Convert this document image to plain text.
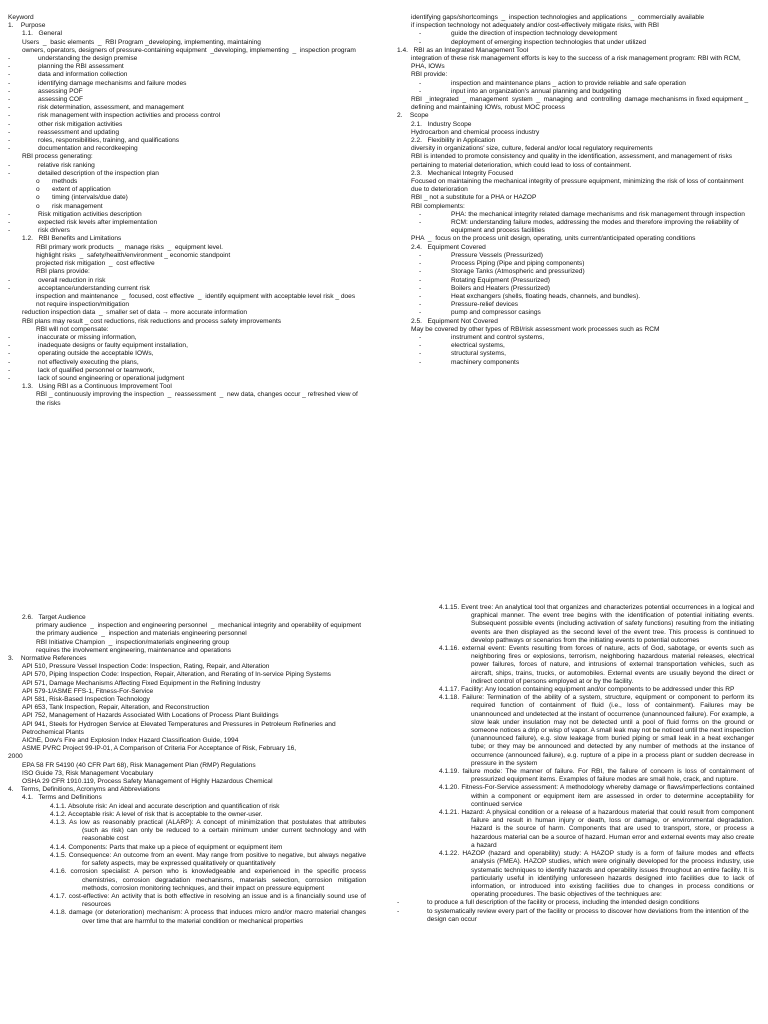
Keyword
1.    Purpose
1.1.   General
Users  _  basic elements  _  RBI Program _developing, implementing, maintaining
owners, operators, designers of pressure-containing equipment  _developing, implementing  _  inspection program
- understanding the design premise
- planning the RBI assessment
- data and information collection
- identifying damage mechanisms and failure modes
- assessing POF
- assessing COF
- risk determination, assessment, and management
- risk management with inspection activities and process control
- other risk mitigation activities
- reassessment and updating
- roles, responsibilities, training, and qualifications
- documentation and recordkeeping
RBI process generating:
- relative risk ranking
- detailed description of the inspection plan
o methods
o extent of application
o timing (intervals/due date)
o risk management
- Risk mitigation activities description
- expected risk levels after implementation
- risk drivers
1.2.   RBI Benefits and Limitations
RBI primary work products  _  manage risks  _  equipment level.
highlight risks  _  safety/health/environment _ economic standpoint
projected risk mitigation  _  cost effective
RBI plans provide:
- overall reduction in risk
- acceptance/understanding current risk
inspection and maintenance  _  focused, cost effective  _  identify equipment with acceptable level risk _ does not require inspection/mitigation
reduction inspection data  _  smaller set of data → more accurate information
RBI plans may result _ cost reductions, risk reductions and process safety improvements
RBI will not compensate:
- inaccurate or missing information,
- inadequate designs or faulty equipment installation,
- operating outside the acceptable IOWs,
- not effectively executing the plans,
- lack of qualified personnel or teamwork,
- lack of sound engineering or operational judgment
1.3.   Using RBI as a Continuous Improvement Tool
RBI _ continuously improving the inspection  _  reassessment  _  new data, changes occur _ refreshed view of the risks
2.6.   Target Audience
primary audience  _  inspection and engineering personnel  _  mechanical integrity and operability of equipment
the primary audience  _  inspection and materials engineering personnel
RBI Initiative Champion  _  inspection/materials engineering group
requires the involvement engineering, maintenance and operations
3.    Normative References
API 510, Pressure Vessel Inspection Code: Inspection, Rating, Repair, and Alteration
API 570, Piping Inspection Code: Inspection, Repair, Alteration, and Rerating of In-service Piping Systems
API 571, Damage Mechanisms Affecting Fixed Equipment in the Refining Industry
API 579-1/ASME FFS-1, Fitness-For-Service
API 581, Risk-Based Inspection Technology
API 653, Tank Inspection, Repair, Alteration, and Reconstruction
API 752, Management of Hazards Associated With Locations of Process Plant Buildings
API 941, Steels for Hydrogen Service at Elevated Temperatures and Pressures in Petroleum Refineries and Petrochemical Plants
AIChE, Dow's Fire and Explosion Index Hazard Classification Guide, 1994
ASME PVRC Project 99-IP-01, A Comparison of Criteria For Acceptance of Risk, February 16,
2000
EPA 58 FR 54190 (40 CFR Part 68), Risk Management Plan (RMP) Regulations
ISO Guide 73, Risk Management Vocabulary
OSHA 29 CFR 1910.119, Process Safety Management of Highly Hazardous Chemical
4.    Terms, Definitions, Acronyms and Abbreviations
4.1.   Terms and Definitions
4.1.1. Absolute risk: An ideal and accurate description and quantification of risk
4.1.2. Acceptable risk: A level of risk that is acceptable to the owner-user.
4.1.3. As low as reasonably practical (ALARP): A concept of minimization that postulates that attributes (such as risk) can only be reduced to a certain minimum under current technology and with reasonable cost
4.1.4. Components: Parts that make up a piece of equipment or equipment item
4.1.5. Consequence: An outcome from an event. May range from positive to negative, but always negative for safety aspects, may be expressed qualitatively or quantitatively
4.1.6. corrosion specialist: A person who is knowledgeable and experienced in the specific process chemistries, corrosion degradation mechanisms, materials selection, corrosion mitigation methods, corrosion monitoring techniques, and their impact on pressure equipment
4.1.7. cost-effective: An activity that is both effective in resolving an issue and is a financially sound use of resources
4.1.8. damage (or deterioration) mechanism: A process that induces micro and/or macro material changes over time that are harmful to the material condition or mechanical properties
identifying gaps/shortcomings  _  inspection technologies and applications  _  commercially available
if inspection technology not adequately and/or cost-effectively mitigate risks, with RBI
- guide the direction of inspection technology development
- deployment of emerging inspection technologies that under utilized
1.4.   RBI as an Integrated Management Tool
integration of these risk management efforts is key to the success of a risk management program: RBI with RCM, PHA, IOWs
RBI provide:
- inspection and maintenance plans _ action to provide reliable and safe operation
- input into an organization's annual planning and budgeting
RBI  _integrated  _  management  system  _  managing  and  controlling  damage mechanisms in fixed equipment _ defining and maintaining IOWs, robust MOC process
2.    Scope
2.1.   Industry Scope
Hydrocarbon and chemical process industry
2.2.   Flexibility in Application
diversity in organizations' size, culture, federal and/or local regulatory requirements
RBI is intended to promote consistency and quality in the identification, assessment, and management of risks pertaining to material deterioration, which could lead to loss of containment.
2.3.   Mechanical Integrity Focused
Focused on maintaining the mechanical integrity of pressure equipment, minimizing the risk of loss of containment due to deterioration
RBI _ not a substitute for a PHA or HAZOP
RBI complements:
- PHA: the mechanical integrity related damage mechanisms and risk management through inspection
- RCM: understanding failure modes, addressing the modes and therefore improving the reliability of equipment and process facilities
PHA  _  focus on the process unit design, operating, units current/anticipated operating conditions
2.4.   Equipment Covered
- Pressure Vessels (Pressurized)
- Process Piping (Pipe and piping components)
- Storage Tanks (Atmospheric and pressurized)
- Rotating Equipment (Pressurized)
- Boilers and Heaters (Pressurized)
- Heat exchangers (shells, floating heads, channels, and bundles).
- Pressure-relief devices
- pump and compressor casings
2.5.   Equipment Not Covered
May be covered by other types of RBI/risk assessment work processes such as RCM
- instrument and control systems,
- electrical systems,
- structural systems,
- machinery components
4.1.15. Event tree: An analytical tool that organizes and characterizes potential occurrences in a logical and graphical manner. The event tree begins with the identification of potential initiating events. Subsequent possible events (including activation of safety functions) resulting from the initiating events are then displayed as the second level of the event tree. This process is continued to develop pathways or scenarios from the initiating events to potential outcomes
4.1.16. external event: Events resulting from forces of nature, acts of God, sabotage, or events such as neighboring fires or explosions, terrorism, neighboring hazardous material releases, electrical power failures, forces of nature, and intrusions of external transportation vehicles, such as aircraft, ships, trains, trucks, or automobiles. External events are usually beyond the direct or indirect control of persons employed at or by the facility.
4.1.17. Facility: Any location containing equipment and/or components to be addressed under this RP
4.1.18. Failure: Termination of the ability of a system, structure, equipment or component to perform its required function of containment of fluid (i.e., loss of containment). Failures may be unannounced and undetected at the instant of occurrence (unannounced failure). For example, a slow leak under insulation may not be detected until a pool of fluid forms on the ground or someone notices a drip or wisp of vapor. A small leak may not be noticed until the next inspection (unannounced failure), e.g. slow leakage from buried piping or small leak in a heat exchanger tube; or they may be announced and detected by any number of methods at the instance of occurrence (announced failure), e.g. rupture of a pipe in a process plant or sudden decrease in pressure in the system
4.1.19. failure mode: The manner of failure. For RBI, the failure of concern is loss of containment of pressurized equipment items. Examples of failure modes are small hole, crack, and rupture.
4.1.20. Fitness-For-Service assessment: A methodology whereby damage or flaws/imperfections contained within a component or equipment item are assessed in order to determine acceptability for continued service
4.1.21. Hazard: A physical condition or a release of a hazardous material that could result from component failure and result in human injury or death, loss or damage, or environmental degradation. Hazard is the source of harm. Components that are used to transport, store, or process a hazardous material can be a source of hazard. Human error and external events may also create a hazard
4.1.22. HAZOP (hazard and operability) study: A HAZOP study is a form of failure modes and effects analysis (FMEA). HAZOP studies, which were originally developed for the process industry, use systematic techniques to identify hazards and operability issues throughout an entire facility. It is particularly useful in identifying unforeseen hazards designed into facilities due to lack of information, or introduced into existing facilities due to changes in process conditions or operating procedures. The basic objectives of the techniques are:
- to produce a full description of the facility or process, including the intended design conditions
- to systematically review every part of the facility or process to discover how deviations from the intention of the design can occur
